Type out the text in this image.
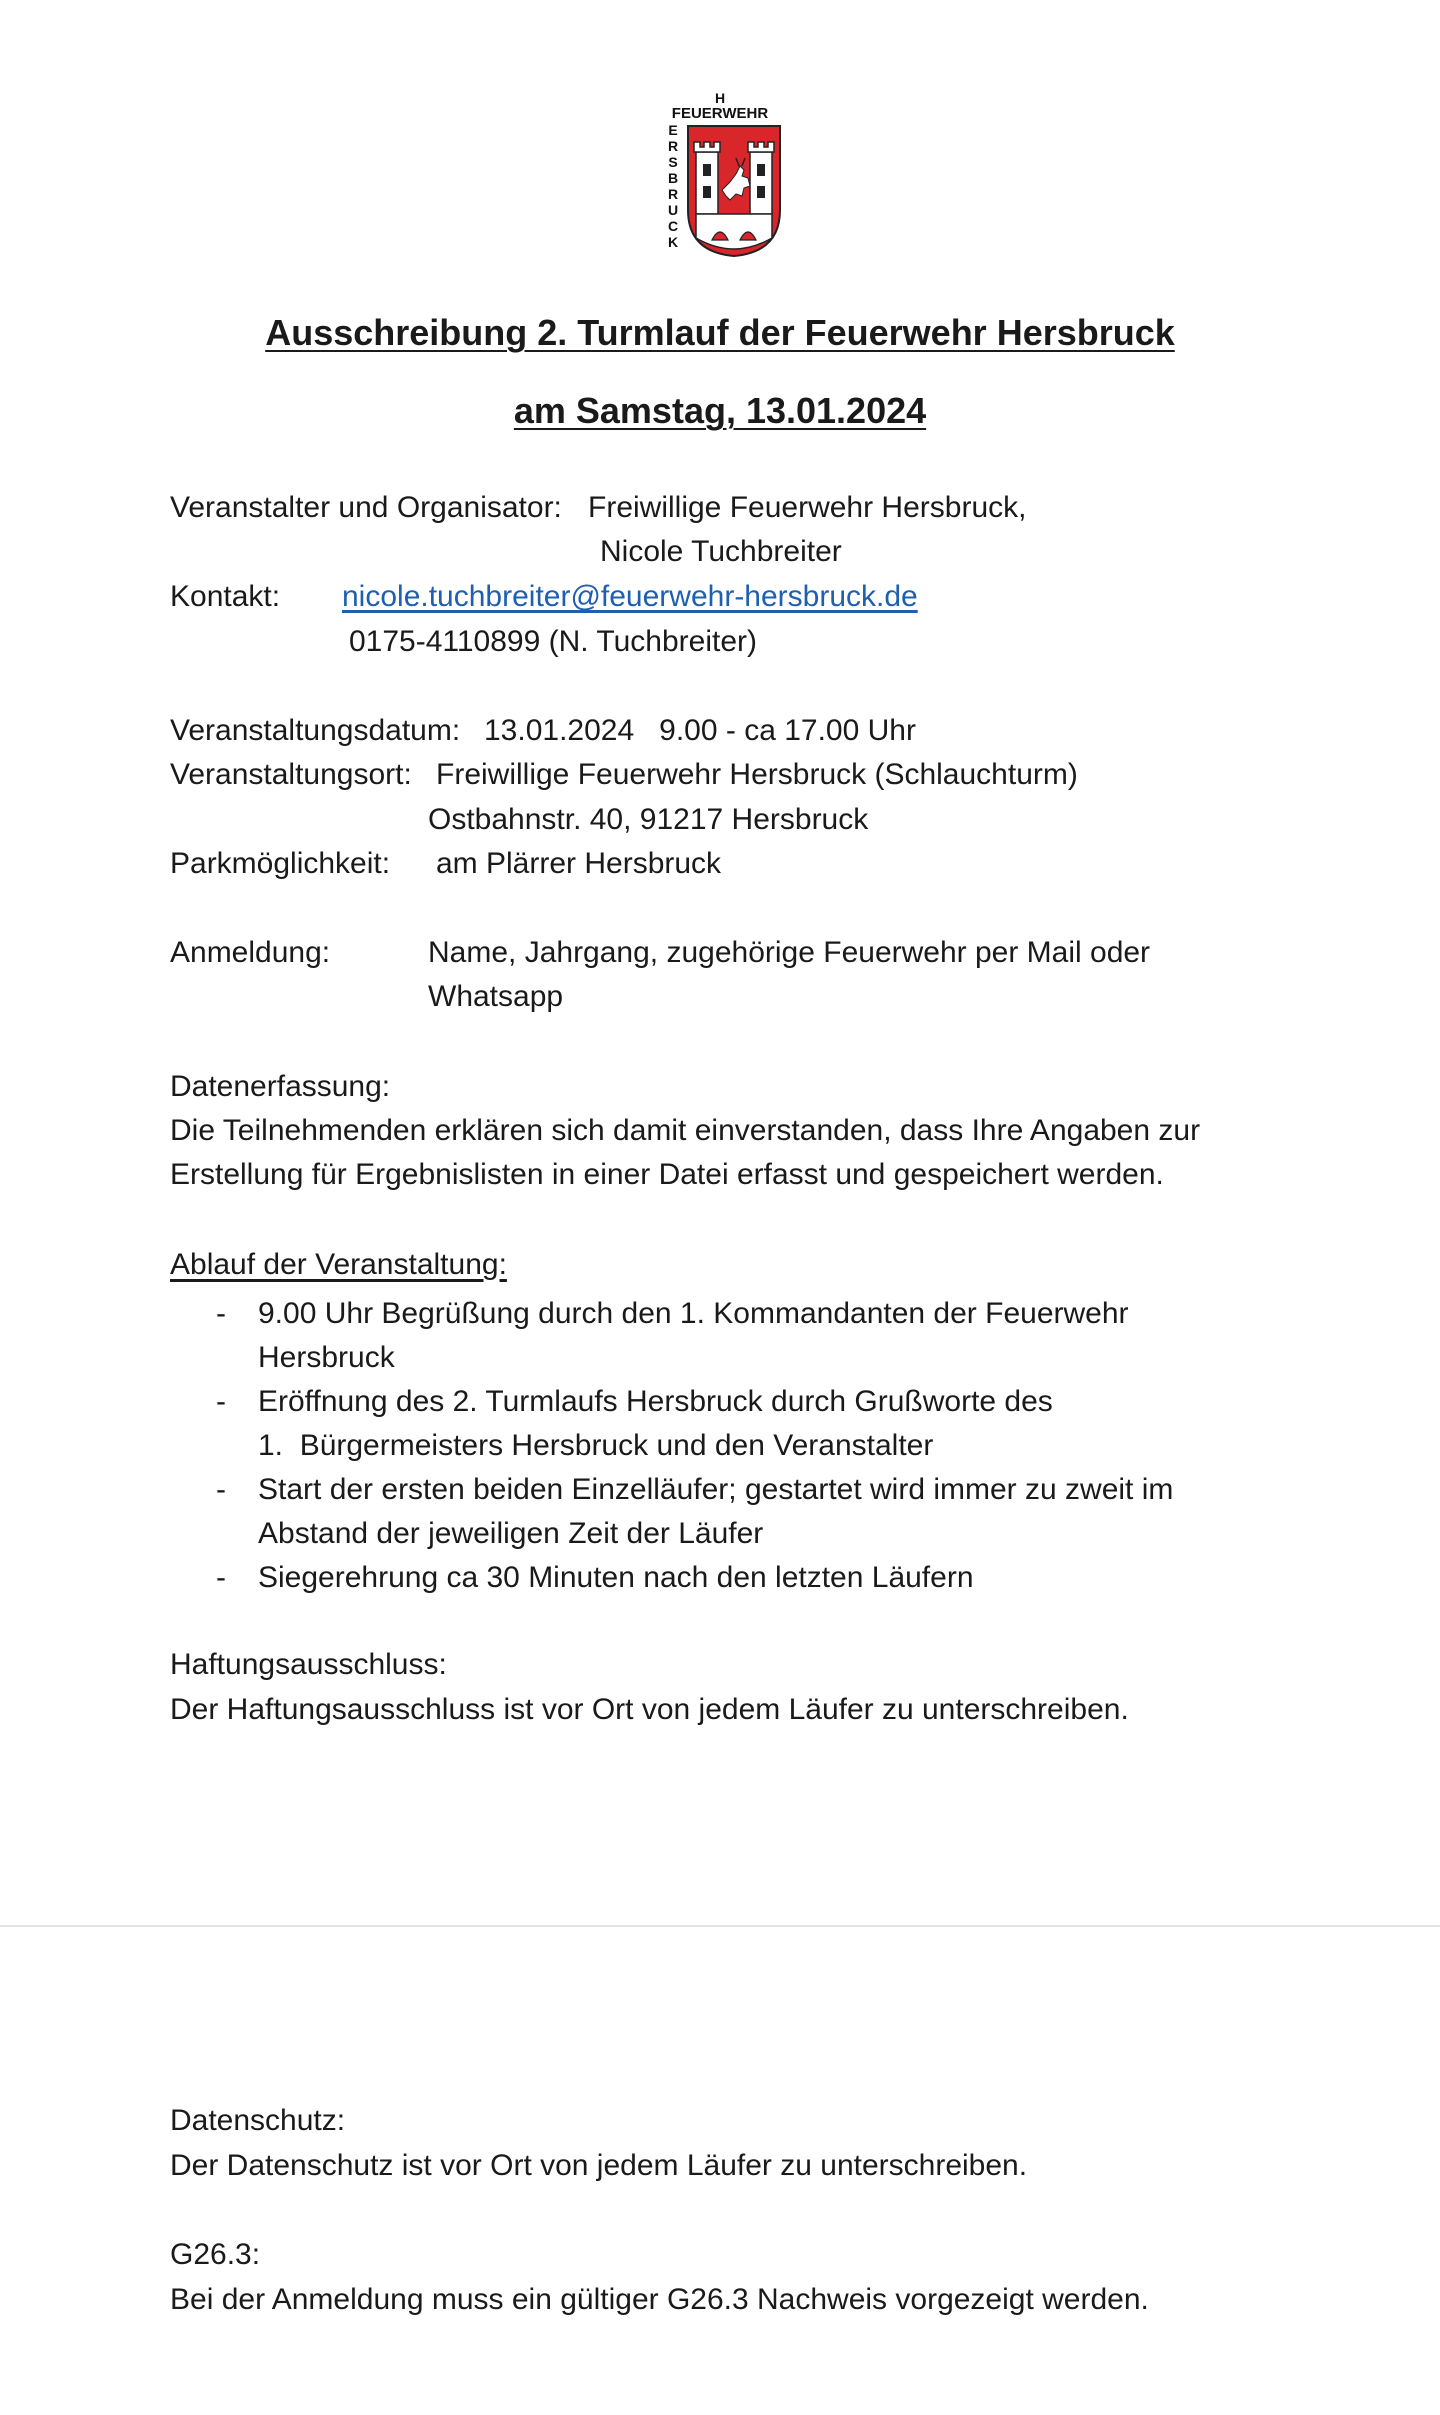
H
FEUERWEHR
E
R
S
B
R
U
C
K
Ausschreibung 2. Turmlauf der Feuerwehr Hersbruck
am Samstag, 13.01.2024
Veranstalter und Organisator: Freiwillige Feuerwehr Hersbruck,
Nicole Tuchbreiter
Kontakt: nicole.tuchbreiter@feuerwehr-hersbruck.de
0175-4110899 (N. Tuchbreiter)
Veranstaltungsdatum: 13.01.2024   9.00 - ca 17.00 Uhr
Veranstaltungsort: Freiwillige Feuerwehr Hersbruck (Schlauchturm)
Ostbahnstr. 40, 91217 Hersbruck
Parkmöglichkeit: am Plärrer Hersbruck
Anmeldung:	Name, Jahrgang, zugehörige Feuerwehr per Mail oder Whatsapp
Datenerfassung:
Die Teilnehmenden erklären sich damit einverstanden, dass Ihre Angaben zur Erstellung für Ergebnislisten in einer Datei erfasst und gespeichert werden.
Ablauf der Veranstaltung:
- 9.00 Uhr Begrüßung durch den 1. Kommandanten der Feuerwehr Hersbruck
- Eröffnung des 2. Turmlaufs Hersbruck durch Grußworte des 1.  Bürgermeisters Hersbruck und den Veranstalter
- Start der ersten beiden Einzelläufer; gestartet wird immer zu zweit im Abstand der jeweiligen Zeit der Läufer
- Siegerehrung ca 30 Minuten nach den letzten Läufern
Haftungsausschluss:
Der Haftungsausschluss ist vor Ort von jedem Läufer zu unterschreiben.
Datenschutz:
Der Datenschutz ist vor Ort von jedem Läufer zu unterschreiben.
G26.3:
Bei der Anmeldung muss ein gültiger G26.3 Nachweis vorgezeigt werden.
